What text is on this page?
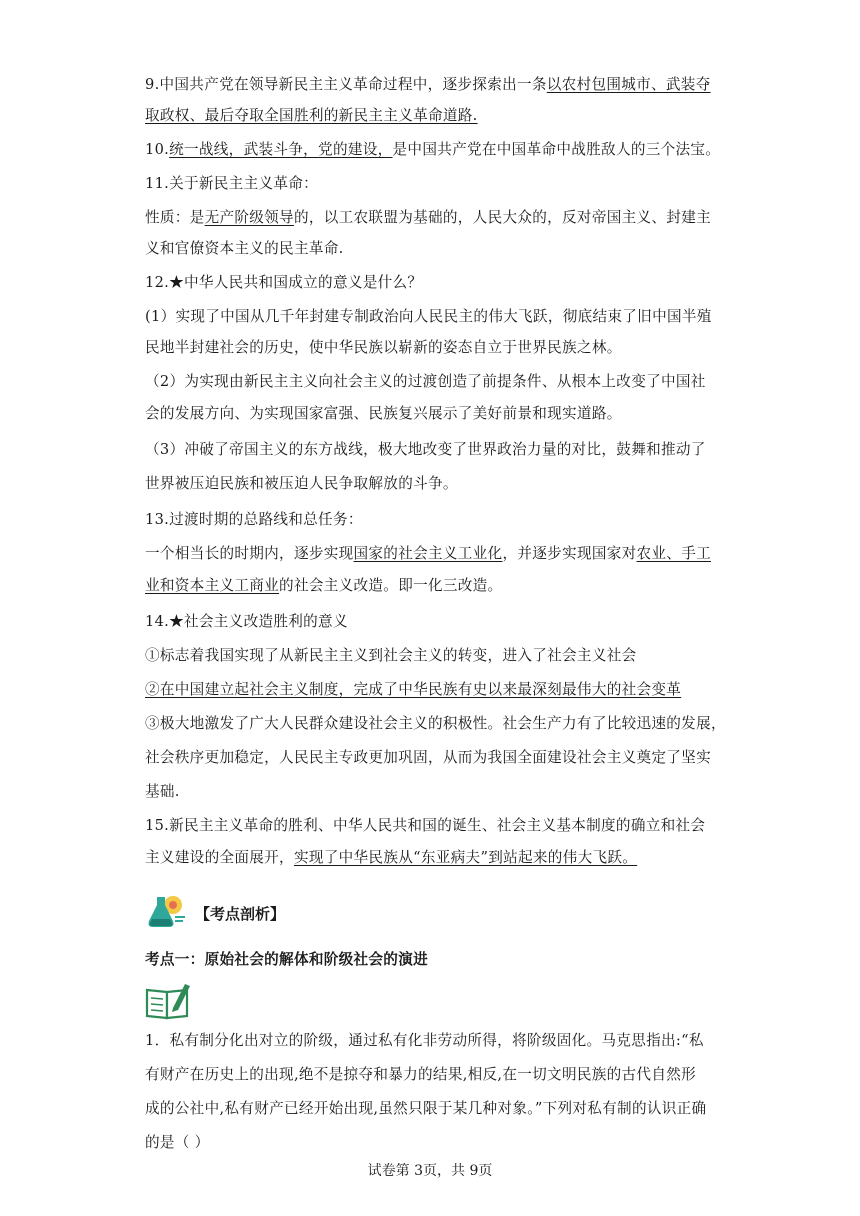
9.中国共产党在领导新民主主义革命过程中，逐步探索出一条以农村包围城市、武装夺
取政权、最后夺取全国胜利的新民主主义革命道路.
10.统一战线，武装斗争，党的建设，是中国共产党在中国革命中战胜敌人的三个法宝。
11.关于新民主主义革命：
性质：是无产阶级领导的，以工农联盟为基础的，人民大众的，反对帝国主义、封建主
义和官僚资本主义的民主革命.
12.★中华人民共和国成立的意义是什么？
(1）实现了中国从几千年封建专制政治向人民民主的伟大飞跃，彻底结束了旧中国半殖
民地半封建社会的历史，使中华民族以崭新的姿态自立于世界民族之林。
（2）为实现由新民主主义向社会主义的过渡创造了前提条件、从根本上改变了中国社
会的发展方向、为实现国家富强、民族复兴展示了美好前景和现实道路。
（3）冲破了帝国主义的东方战线，极大地改变了世界政治力量的对比，鼓舞和推动了
世界被压迫民族和被压迫人民争取解放的斗争。
13.过渡时期的总路线和总任务：
一个相当长的时期内，逐步实现国家的社会主义工业化，并逐步实现国家对农业、手工
业和资本主义工商业的社会主义改造。即一化三改造。
14.★社会主义改造胜利的意义
①标志着我国实现了从新民主主义到社会主义的转变，进入了社会主义社会
②在中国建立起社会主义制度，完成了中华民族有史以来最深刻最伟大的社会变革
③极大地激发了广大人民群众建设社会主义的积极性。社会生产力有了比较迅速的发展，
社会秩序更加稳定，人民民主专政更加巩固，从而为我国全面建设社会主义奠定了坚实
基础.
15.新民主主义革命的胜利、中华人民共和国的诞生、社会主义基本制度的确立和社会
主义建设的全面展开，实现了中华民族从“东亚病夫”到站起来的伟大飞跃。
【考点剖析】
考点一：原始社会的解体和阶级社会的演进
1．私有制分化出对立的阶级，通过私有化非劳动所得，将阶级固化。马克思指出:“私
有财产在历史上的出现,绝不是掠夺和暴力的结果,相反,在一切文明民族的古代自然形
成的公社中,私有财产已经开始出现,虽然只限于某几种对象。”下列对私有制的认识正确
的是（ ）
试卷第 3页，共 9页
